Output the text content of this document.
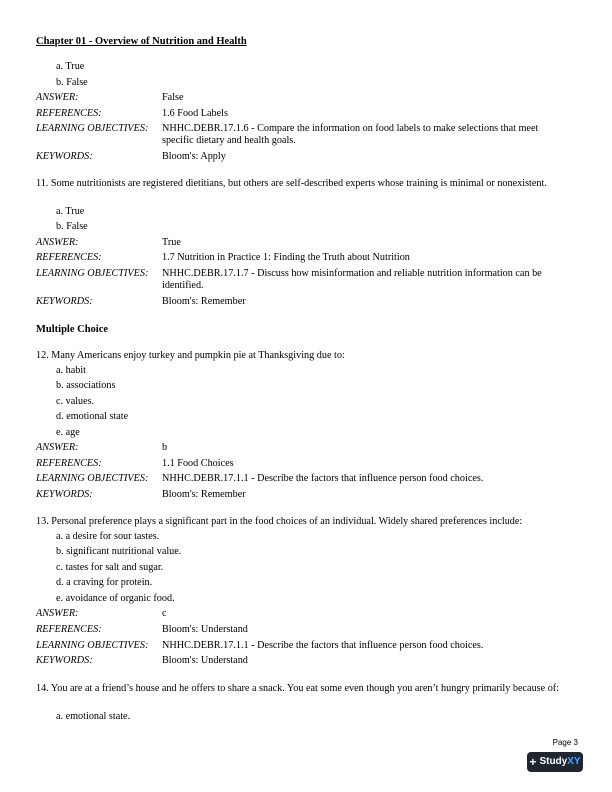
Chapter 01 - Overview of Nutrition and Health
a. True
b. False
ANSWER:	False
REFERENCES:	1.6 Food Labels
LEARNING OBJECTIVES: NHHC.DEBR.17.1.6 - Compare the information on food labels to make selections that meet specific dietary and health goals.
KEYWORDS:	Bloom's: Apply
11. Some nutritionists are registered dietitians, but others are self-described experts whose training is minimal or nonexistent.
a. True
b. False
ANSWER:	True
REFERENCES:	1.7 Nutrition in Practice 1: Finding the Truth about Nutrition
LEARNING OBJECTIVES: NHHC.DEBR.17.1.7 - Discuss how misinformation and reliable nutrition information can be identified.
KEYWORDS:	Bloom's: Remember
Multiple Choice
12. Many Americans enjoy turkey and pumpkin pie at Thanksgiving due to:
a. habit
b. associations
c. values.
d. emotional state
e. age
ANSWER:	b
REFERENCES:	1.1 Food Choices
LEARNING OBJECTIVES: NHHC.DEBR.17.1.1 - Describe the factors that influence person food choices.
KEYWORDS:	Bloom's: Remember
13. Personal preference plays a significant part in the food choices of an individual. Widely shared preferences include:
a. a desire for sour tastes.
b. significant nutritional value.
c. tastes for salt and sugar.
d. a craving for protein.
e. avoidance of organic food.
ANSWER:	c
REFERENCES:	Bloom's: Understand
LEARNING OBJECTIVES: NHHC.DEBR.17.1.1 - Describe the factors that influence person food choices.
KEYWORDS:	Bloom's: Understand
14. You are at a friend’s house and he offers to share a snack. You eat some even though you aren’t hungry primarily because of:
a. emotional state.
Page 3
+ StudyXY
